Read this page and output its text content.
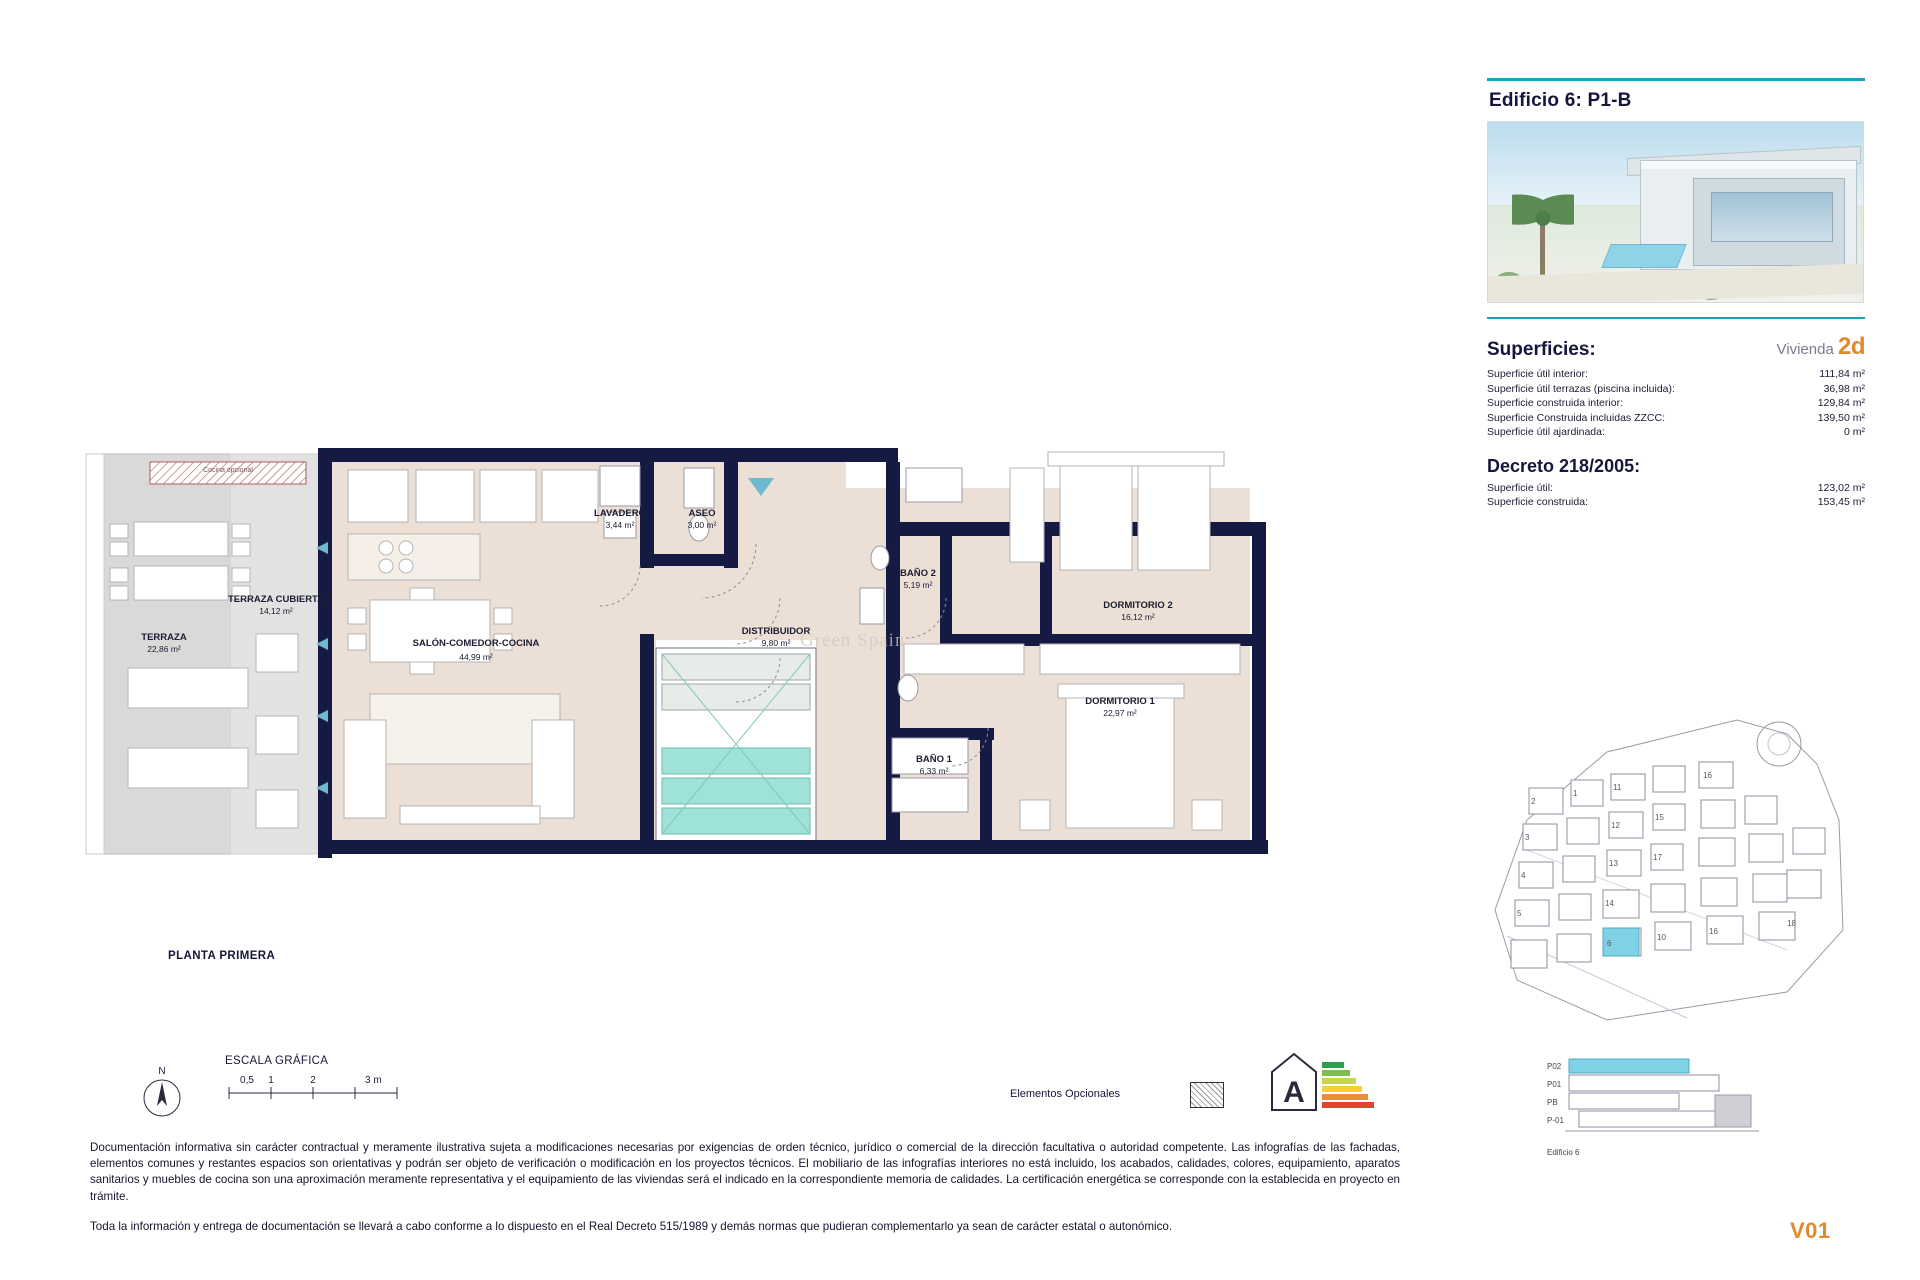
Edificio 6: P1-B
Superficies:	Vivienda 2d
Superficie útil interior:	111,84 m²
Superficie útil terrazas (piscina incluida):	36,98 m²
Superficie construida interior:	129,84 m²
Superficie Construida incluidas ZZCC:	139,50 m²
Superficie útil ajardinada:	0 m²
Decreto 218/2005:
Superficie útil:	123,02 m²
Superficie construida:	153,45 m²
2
1
11
16
3
12
15
4
13
17
5
14
6
10
16
18
P02
P01
PB
P-01
Edificio 6
V01
Cocina opcional
TERRAZA
22,86 m²
TERRAZA CUBIERTA
14,12 m²
LAVADERO
3,44 m²
ASEO
3,00 m²
SALÓN-COMEDOR-COCINA
44,99 m²
DISTRIBUIDOR
9,80 m²
BAÑO 2
5,19 m²
DORMITORIO 2
16,12 m²
DORMITORIO 1
22,97 m²
BAÑO 1
6,33 m²
Green Spain
PLANTA PRIMERA
N
ESCALA GRÁFICA
0,5 1	2	3 m
Elementos Opcionales	A

Documentación informativa sin carácter contractual y meramente ilustrativa sujeta a modificaciones necesarias por exigencias de orden técnico, jurídico o comercial de la dirección facultativa o autoridad competente. Las infografías de las fachadas, elementos comunes y restantes espacios son orientativas y podrán ser objeto de verificación o modificación en los proyectos técnicos. El mobiliario de las infografías interiores no está incluido, los acabados, calidades, colores, equipamiento, aparatos sanitarios y muebles de cocina son una aproximación meramente representativa y el equipamiento de las viviendas será el indicado en la correspondiente memoria de calidades. La certificación energética se corresponde con la establecida en proyecto en trámite.

Toda la información y entrega de documentación se llevará a cabo conforme a lo dispuesto en el Real Decreto 515/1989 y demás normas que pudieran complementarlo ya sean de carácter estatal o autonómico.
